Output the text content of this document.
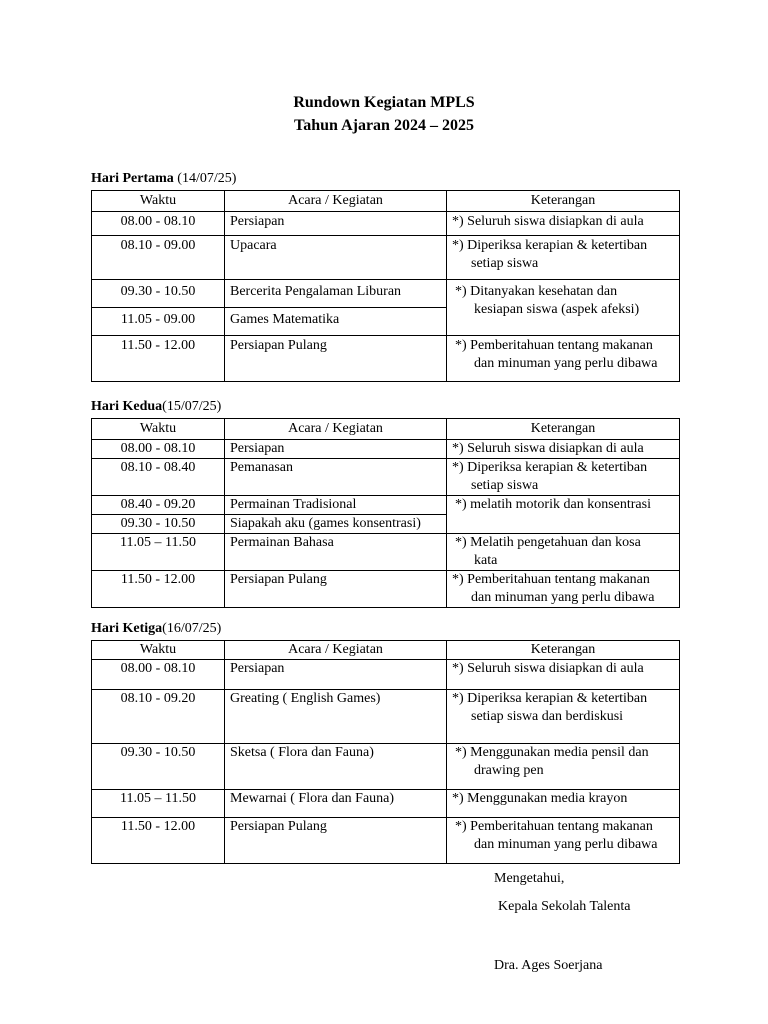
Rundown Kegiatan MPLS
Tahun Ajaran 2024 – 2025
Hari Pertama (14/07/25)
Waktu	Acara / Kegiatan	Keterangan
08.00 - 08.10	Persiapan	*) Seluruh siswa disiapkan di aula

08.10 - 09.00	Upacara	*) Diperiksa kerapian & ketertiban
setiap siswa

09.30 - 10.50	Bercerita Pengalaman Liburan	*) Ditanyakan kesehatan dan
kesiapan siswa (aspek afeksi)

11.05 - 09.00	Games Matematika	
11.50 - 12.00	Persiapan Pulang	*) Pemberitahuan tentang makanan
dan minuman yang perlu dibawa
Hari Kedua(15/07/25)
Waktu	Acara / Kegiatan	Keterangan
08.00 - 08.10	Persiapan	*) Seluruh siswa disiapkan di aula

08.10 - 08.40	Pemanasan	*) Diperiksa kerapian & ketertiban
setiap siswa

08.40 - 09.20	Permainan Tradisional	*) melatih motorik dan konsentrasi

09.30 - 10.50	Siapakah aku (games konsentrasi)	
11.05 – 11.50	Permainan Bahasa	*) Melatih pengetahuan dan kosa
kata

11.50 - 12.00	Persiapan Pulang	*) Pemberitahuan tentang makanan
dan minuman yang perlu dibawa
Hari Ketiga(16/07/25)
Waktu	Acara / Kegiatan	Keterangan
08.00 - 08.10	Persiapan	*) Seluruh siswa disiapkan di aula

08.10 - 09.20	Greating ( English Games)	*) Diperiksa kerapian & ketertiban
setiap siswa dan berdiskusi

09.30 - 10.50	Sketsa ( Flora dan Fauna)	*) Menggunakan media pensil dan
drawing pen

11.05 – 11.50	Mewarnai ( Flora dan Fauna)	*) Menggunakan media krayon

11.50 - 12.00	Persiapan Pulang	*) Pemberitahuan tentang makanan
dan minuman yang perlu dibawa
Mengetahui,
Kepala Sekolah Talenta
Dra. Ages Soerjana
